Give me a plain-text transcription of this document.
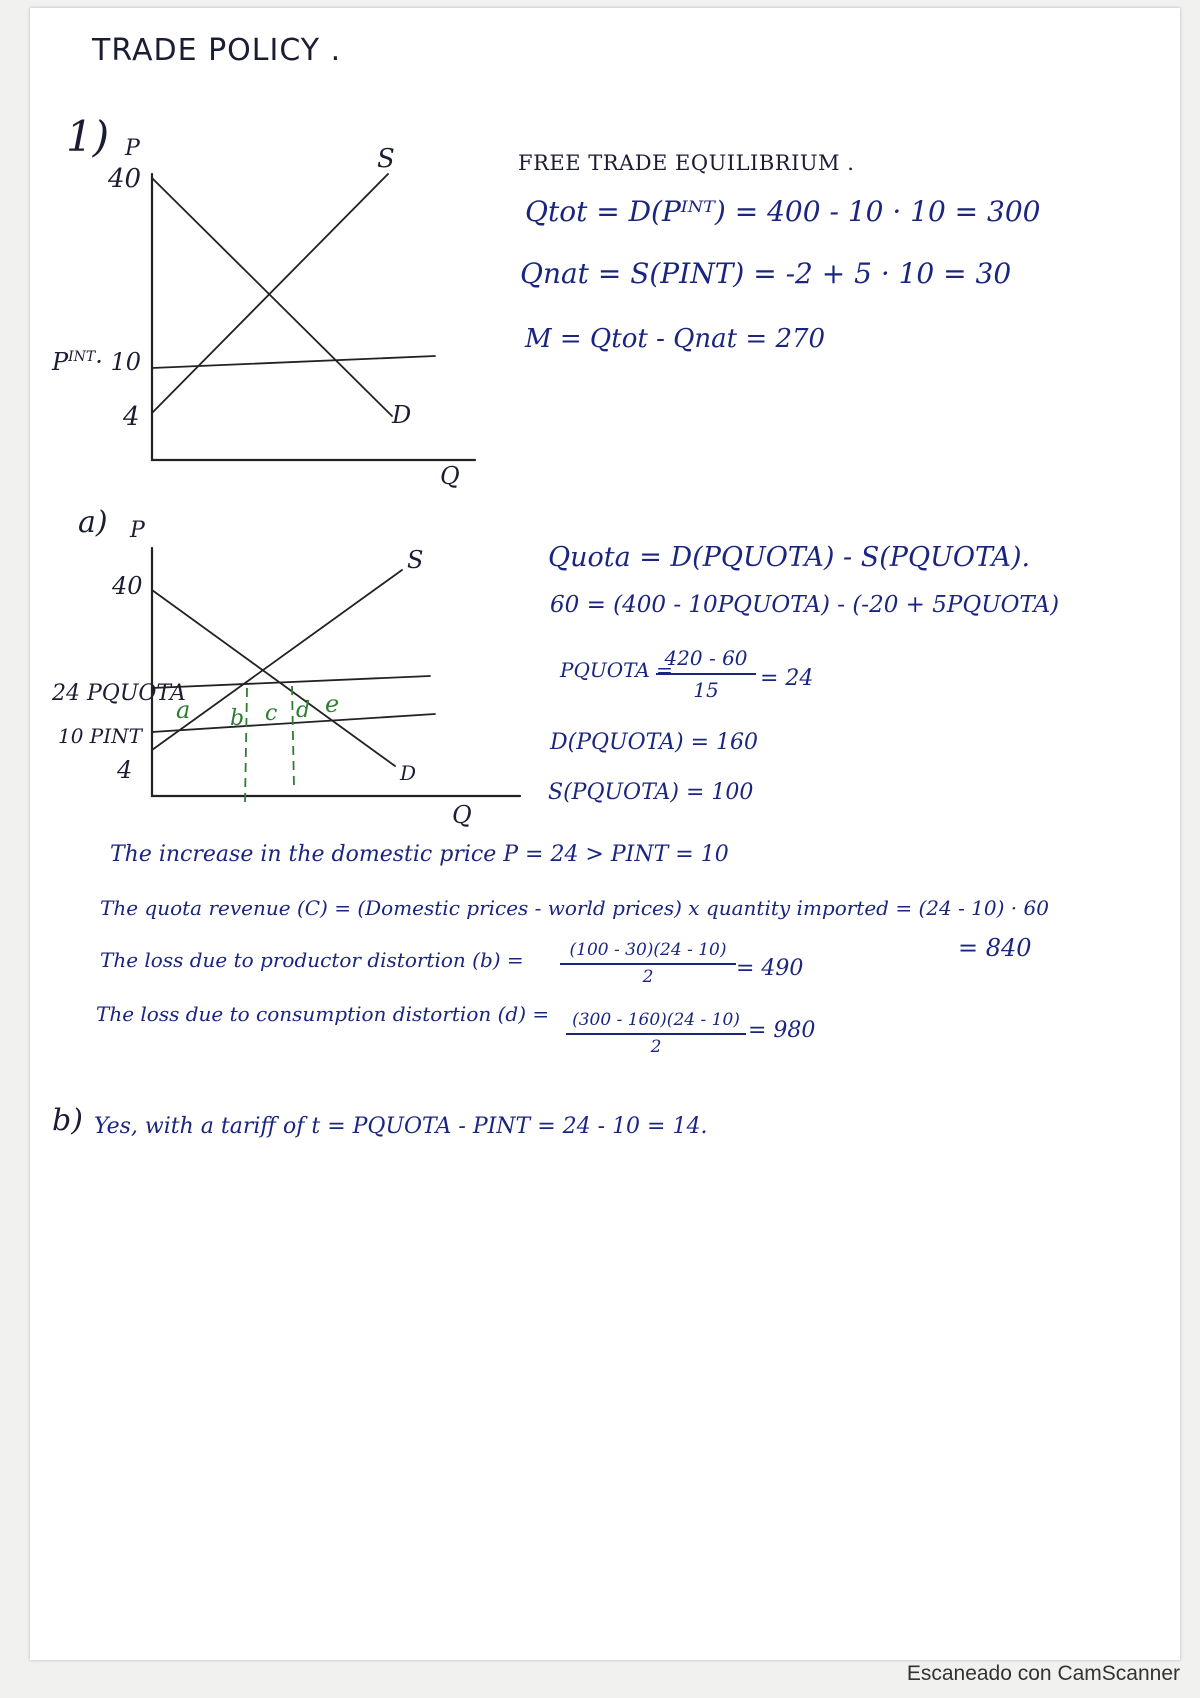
TRADE POLICY .
1) P
40
$P^{INT}\cdot 10$
4
S
D
Q
FREE TRADE EQUILIBRIUM .
Qtot = D(Pᴵᴺᵀ) = 400 - 10 · 10 = 300
Qnat = S(PINT) = -2 + 5 · 10 = 30
M = Qtot - Qnat = 270
a) P
40
24 PQUOTA
10 PINT
4
a b c d e
S
D
Q
Quota = D(PQUOTA) - S(PQUOTA).
60 = (400 - 10PQUOTA) - (-20 + 5PQUOTA)
PQUOTA =
420 - 60
15	= 24
D(PQUOTA) = 160
S(PQUOTA) = 100
The increase in the domestic price P = 24 > PINT = 10
The quota revenue (C) = (Domestic prices - world prices) x quantity imported = (24 - 10) · 60
= 840
The loss due to productor distortion (b) =	(100 - 30)(24 - 10)
2	= 490
The loss due to consumption distortion (d) =	(300 - 160)(24 - 10)
2
= 980
b) Yes, with a tariff of t = PQUOTA - PINT = 24 - 10 = 14.
Escaneado con CamScanner
